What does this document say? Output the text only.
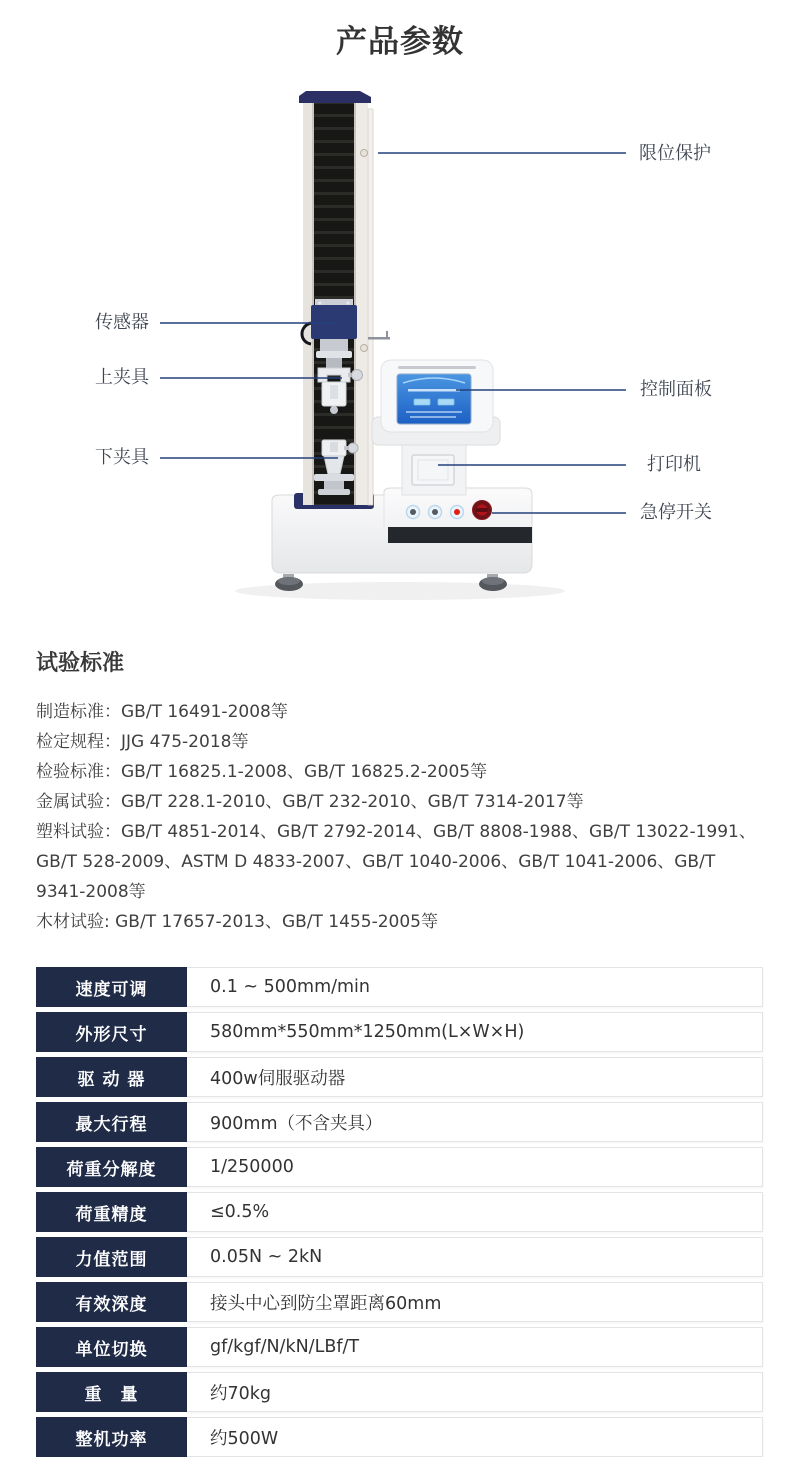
产品参数
限位保护
传感器
上夹具
下夹具
控制面板
打印机
急停开关
试验标准
制造标准：GB/T 16491-2008等
检定规程：JJG 475-2018等
检验标准：GB/T 16825.1-2008、GB/T 16825.2-2005等
金属试验：GB/T 228.1-2010、GB/T 232-2010、GB/T 7314-2017等
塑料试验：GB/T 4851-2014、GB/T 2792-2014、GB/T 8808-1988、GB/T 13022-1991、GB/T 528-2009、ASTM D 4833-2007、GB/T 1040-2006、GB/T 1041-2006、GB/T 9341-2008等
木材试验: GB/T 17657-2013、GB/T 1455-2005等
速度可调	0.1 ~ 500mm/min
外形尺寸	580mm*550mm*1250mm(L×W×H)
驱 动 器	400w伺服驱动器
最大行程	900mm（不含夹具）
荷重分解度	1/250000
荷重精度	≤0.5%
力值范围	0.05N ~ 2kN
有效深度	接头中心到防尘罩距离60mm
单位切换	gf/kgf/N/kN/LBf/T
重　量	约70kg
整机功率	约500W
